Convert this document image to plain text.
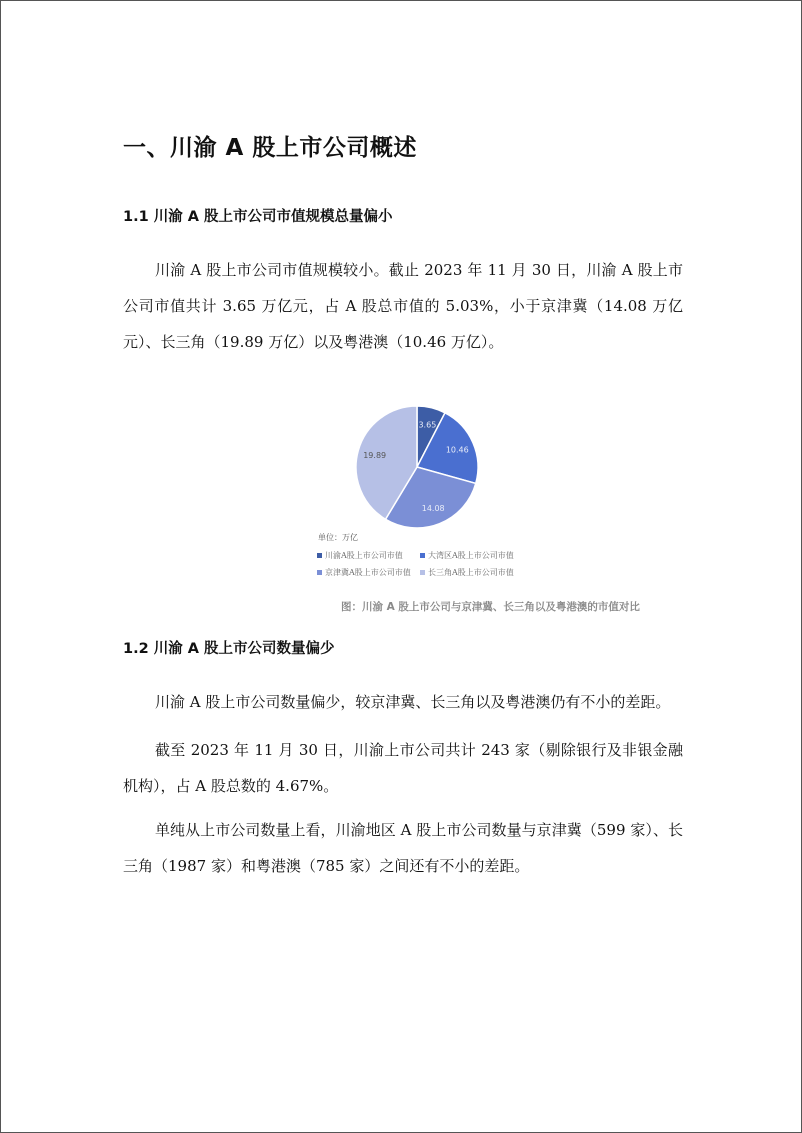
一、川渝 A 股上市公司概述
1.1 川渝 A 股上市公司市值规模总量偏小
川渝 A 股上市公司市值规模较小。截止 2023 年 11 月 30 日，川渝 A 股上市公司市值共计 3.65 万亿元，占 A 股总市值的 5.03%，小于京津冀（14.08 万亿元）、长三角（19.89 万亿）以及粤港澳（10.46 万亿）。
3.65
10.46
14.08
19.89
单位：万亿
川渝A股上市公司市值	大湾区A股上市公司市值
京津冀A股上市公司市值 长三角A股上市公司市值
图：川渝 A 股上市公司与京津冀、长三角以及粤港澳的市值对比
1.2 川渝 A 股上市公司数量偏少
川渝 A 股上市公司数量偏少，较京津冀、长三角以及粤港澳仍有不小的差距。
截至 2023 年 11 月 30 日，川渝上市公司共计 243 家（剔除银行及非银金融机构），占 A 股总数的 4.67%。
单纯从上市公司数量上看，川渝地区 A 股上市公司数量与京津冀（599 家）、长三角（1987 家）和粤港澳（785 家）之间还有不小的差距。
